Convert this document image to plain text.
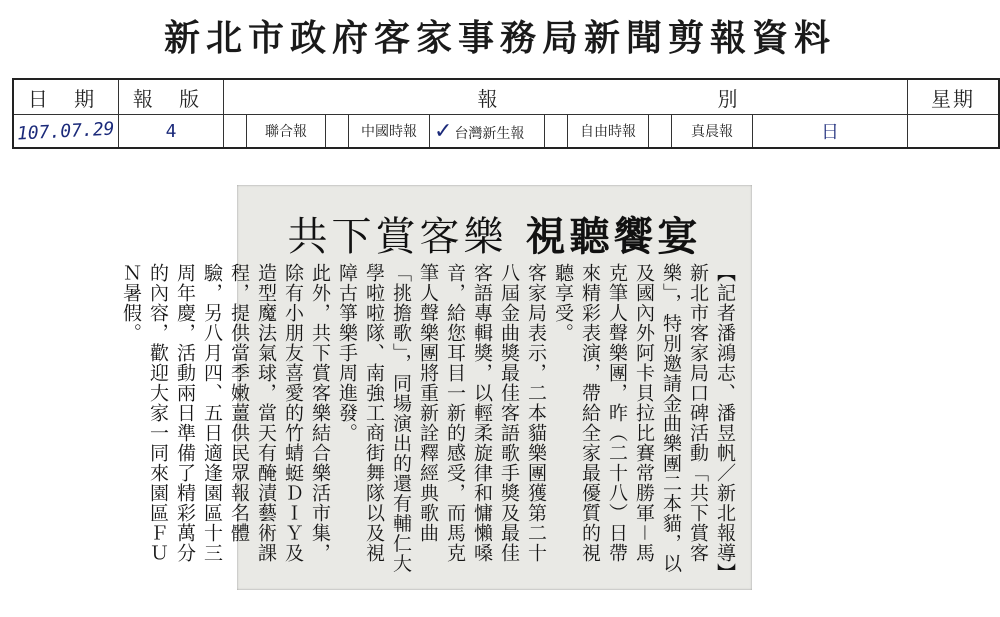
新北市政府客家事務局新聞剪報資料
日 期	報 版	報						別				星期
107.07.29	4		聯合報		中國時報	✓ 台灣新生報		自由時報		真晨報	日	
共下賞客樂 視聽饗宴

【記者潘鴻志、潘昱帆／新北報導】新北市客家局口碑活動「共下賞客樂」，特別邀請金曲樂團二本貓，以及國內外阿卡貝拉比賽常勝軍－馬克筆人聲樂團，昨（二十八）日帶來精彩表演，帶給全家最優質的視聽享受。

客家局表示，二本貓樂團獲第二十八屆金曲獎最佳客語歌手獎及最佳客語專輯獎，以輕柔旋律和慵懶嗓音，給您耳目一新的感受，而馬克筆人聲樂團將重新詮釋經典歌曲「挑擔歌」，同場演出的還有輔仁大學啦啦隊、南強工商街舞隊以及視障古箏樂手周進發。

此外，共下賞客樂結合樂活市集，除有小朋友喜愛的竹蜻蜓ＤＩＹ及造型魔法氣球，當天有醃漬藝術課程，提供當季嫩薑供民眾報名體驗，另八月四、五日適逢園區十三周年慶，活動兩日準備了精彩萬分的內容，歡迎大家一同來園區ＦＵＮ暑假。
